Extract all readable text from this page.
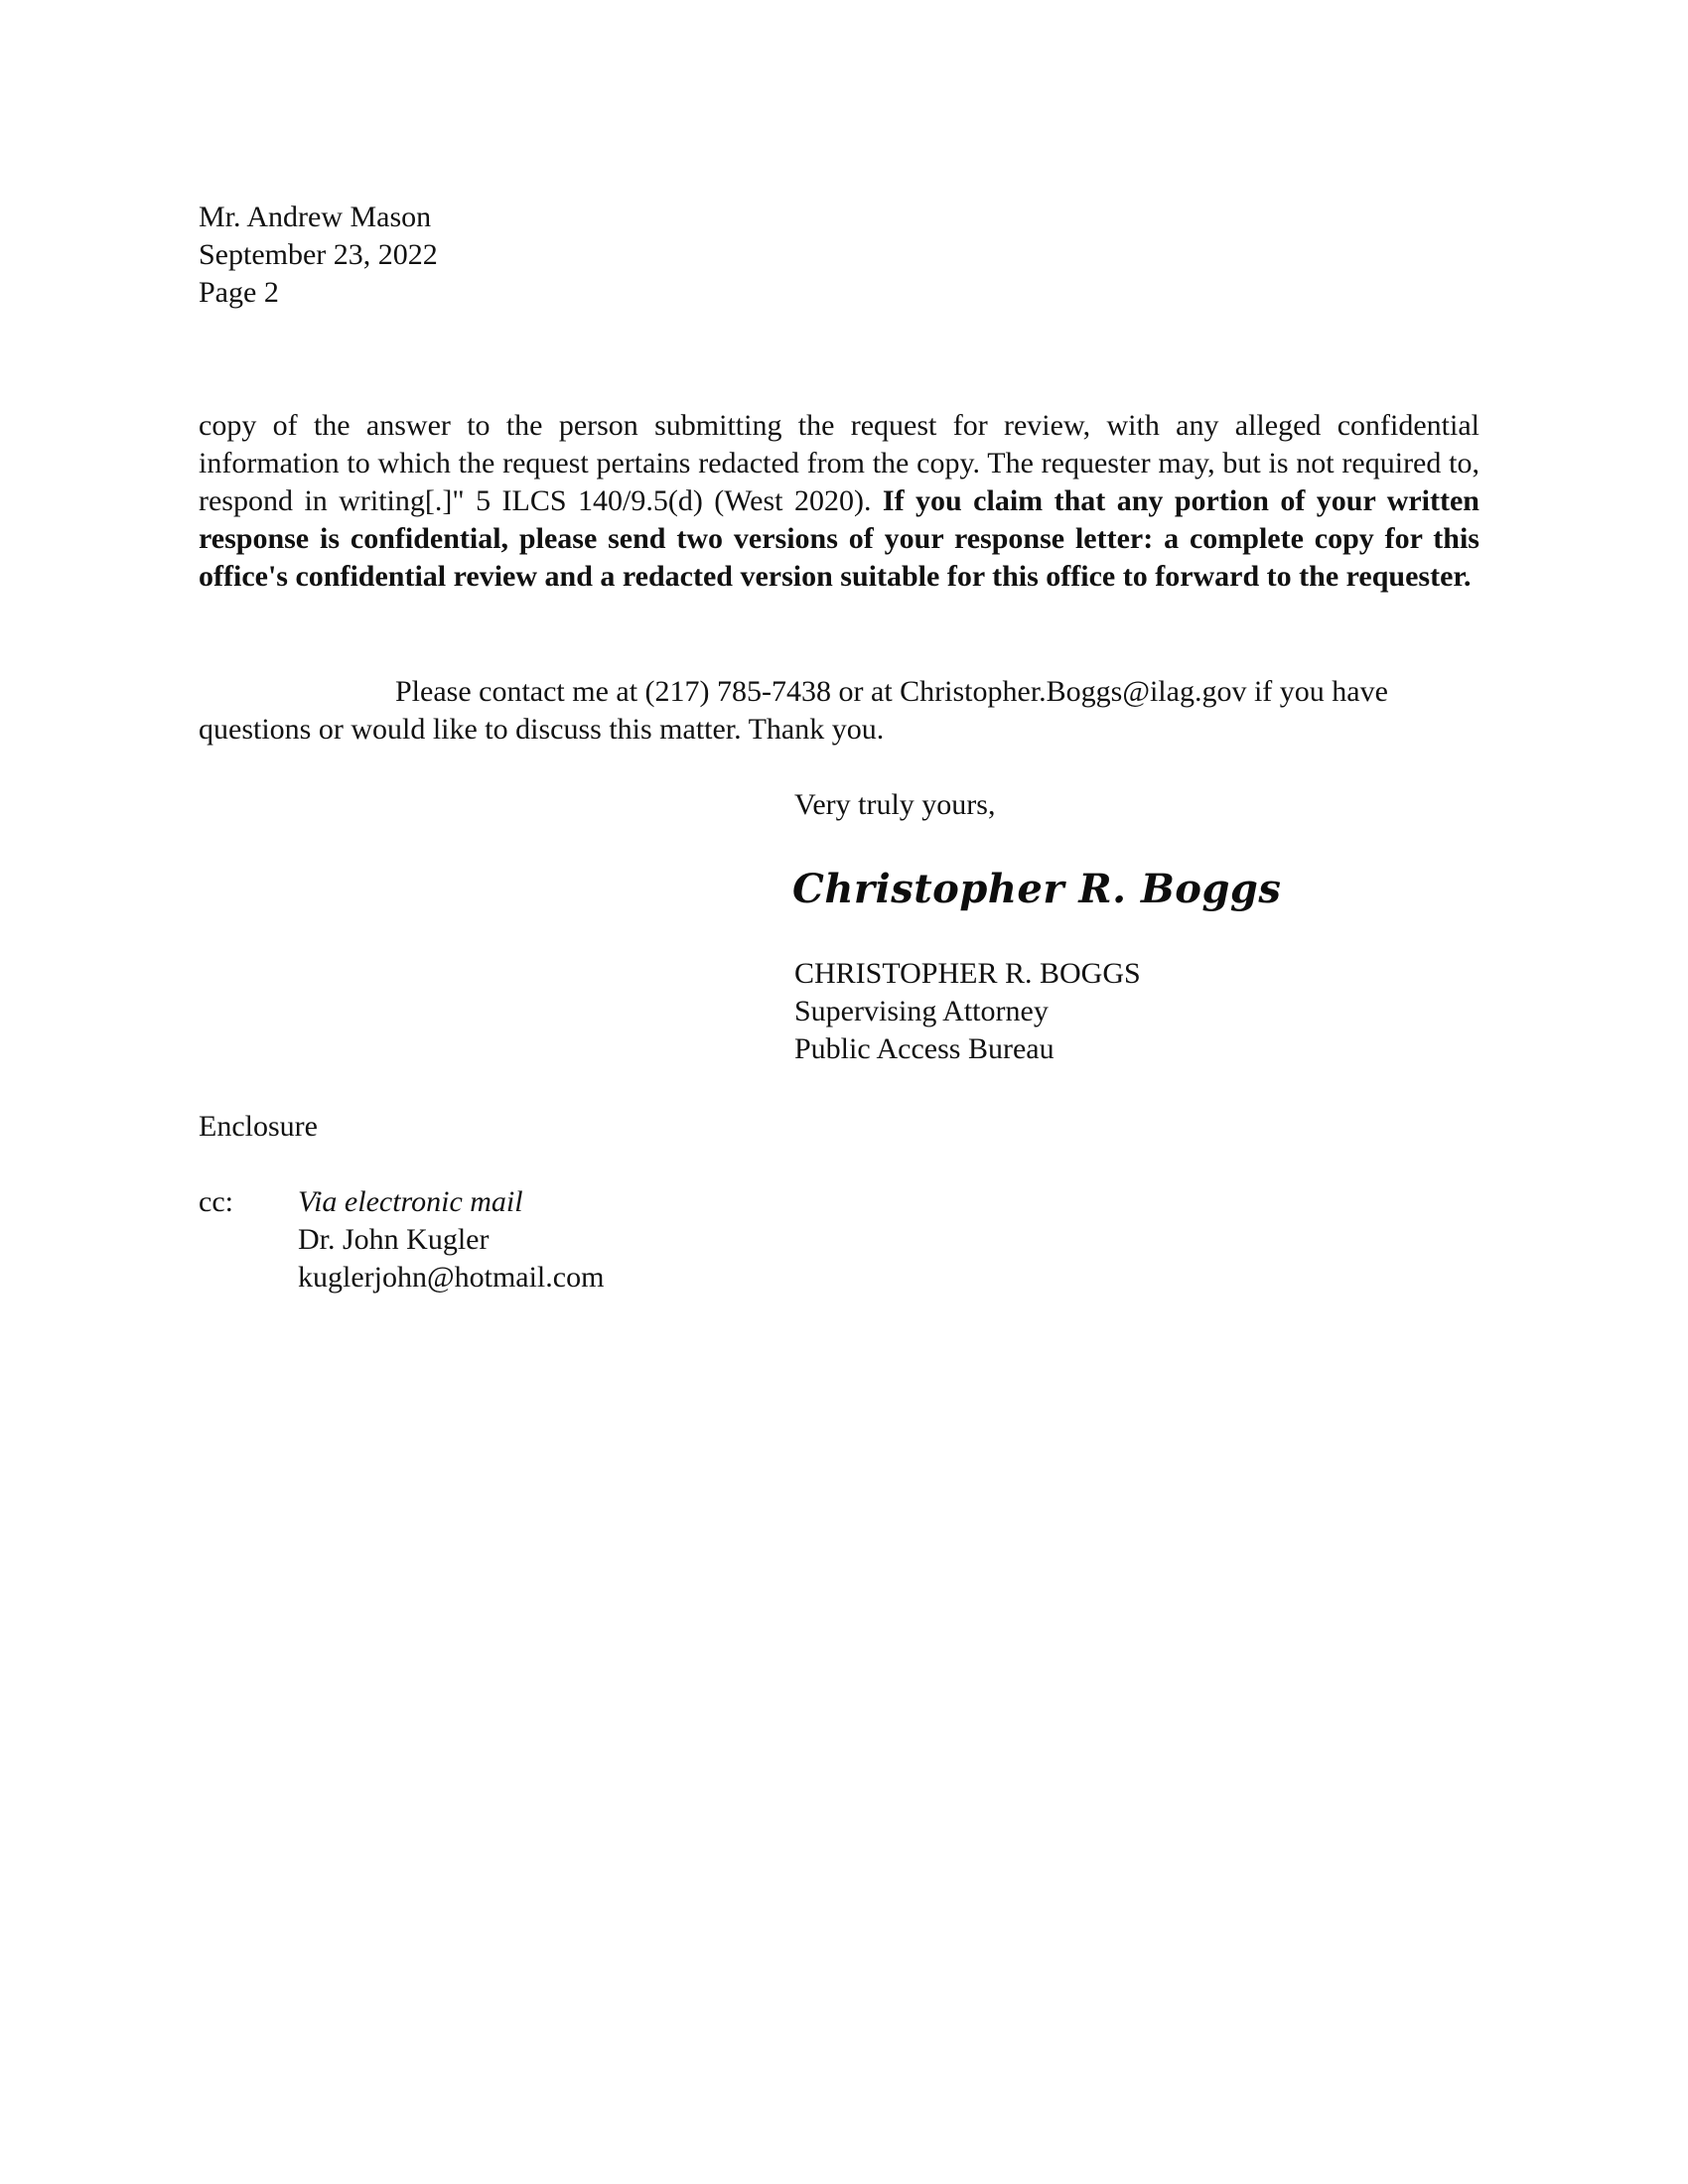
Mr. Andrew Mason
September 23, 2022
Page 2
copy of the answer to the person submitting the request for review, with any alleged confidential information to which the request pertains redacted from the copy. The requester may, but is not required to, respond in writing[.]" 5 ILCS 140/9.5(d) (West 2020). If you claim that any portion of your written response is confidential, please send two versions of your response letter: a complete copy for this office's confidential review and a redacted version suitable for this office to forward to the requester.
Please contact me at (217) 785-7438 or at Christopher.Boggs@ilag.gov if you have questions or would like to discuss this matter. Thank you.
Very truly yours,
Christopher R. Boggs
CHRISTOPHER R. BOGGS
Supervising Attorney
Public Access Bureau
Enclosure
cc: Via electronic mail
Dr. John Kugler
kuglerjohn@hotmail.com
